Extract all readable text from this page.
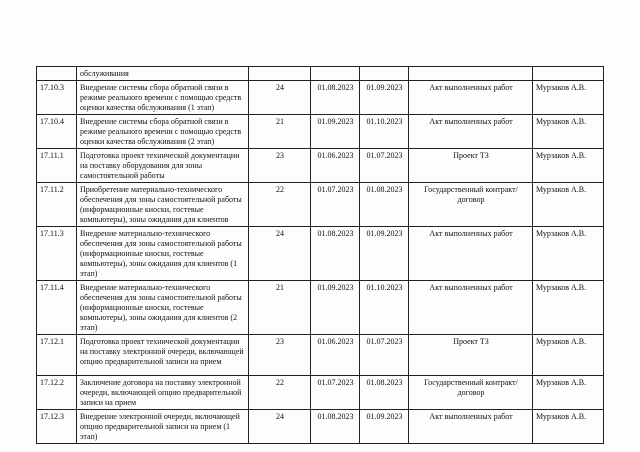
	обслуживания					
17.10.3	Внедрение системы сбора обратной связи в режиме реального времени с помощью средств оценки качества обслуживания (1 этап)	24	01.08.2023	01.09.2023	Акт выполненных работ	Мурзаков А.В.
17.10.4	Внедрение системы сбора обратной связи в режиме реального времени с помощью средств оценки качества обслуживания (2 этап)	21	01.09.2023	01.10.2023	Акт выполненных работ	Мурзаков А.В.
17.11.1	Подготовка проект технической документации на поставку оборудования для зоны самостоятельной работы	23	01.06.2023	01.07.2023	Проект ТЗ	Мурзаков А.В.
17.11.2	Приобретение материально-технического обеспечения для зоны самостоятельной работы (информационные киоски, гостевые компьютеры), зоны ожидания для клиентов	22	01.07.2023	01.08.2023	Государственный контракт/договор	Мурзаков А.В.
17.11.3	Внедрение материально-технического обеспечения для зоны самостоятельной работы (информационные киоски, гостевые компьютеры), зоны ожидания для клиентов (1 этап)	24	01.08.2023	01.09.2023	Акт выполненных работ	Мурзаков А.В.
17.11.4	Внедрение материально-технического обеспечения для зоны самостоятельной работы (информационные киоски, гостевые компьютеры), зоны ожидания для клиентов (2 этап)	21	01.09.2023	01.10.2023	Акт выполненных работ	Мурзаков А.В.
17.12.1	Подготовка проект технической документации на поставку электронной очереди, включающей опцию предварительной записи на прием	23	01.06.2023	01.07.2023	Проект ТЗ	Мурзаков А.В.
17.12.2	Заключение договора на поставку электронной очереди, включающей опцию предварительной записи на прием	22	01.07.2023	01.08.2023	Государственный контракт/договор	Мурзаков А.В.
17.12.3	Внедрение электронной очереди, включающей опцию предварительной записи на прием (1 этап)	24	01.08.2023	01.09.2023	Акт выполненных работ	Мурзаков А.В.
